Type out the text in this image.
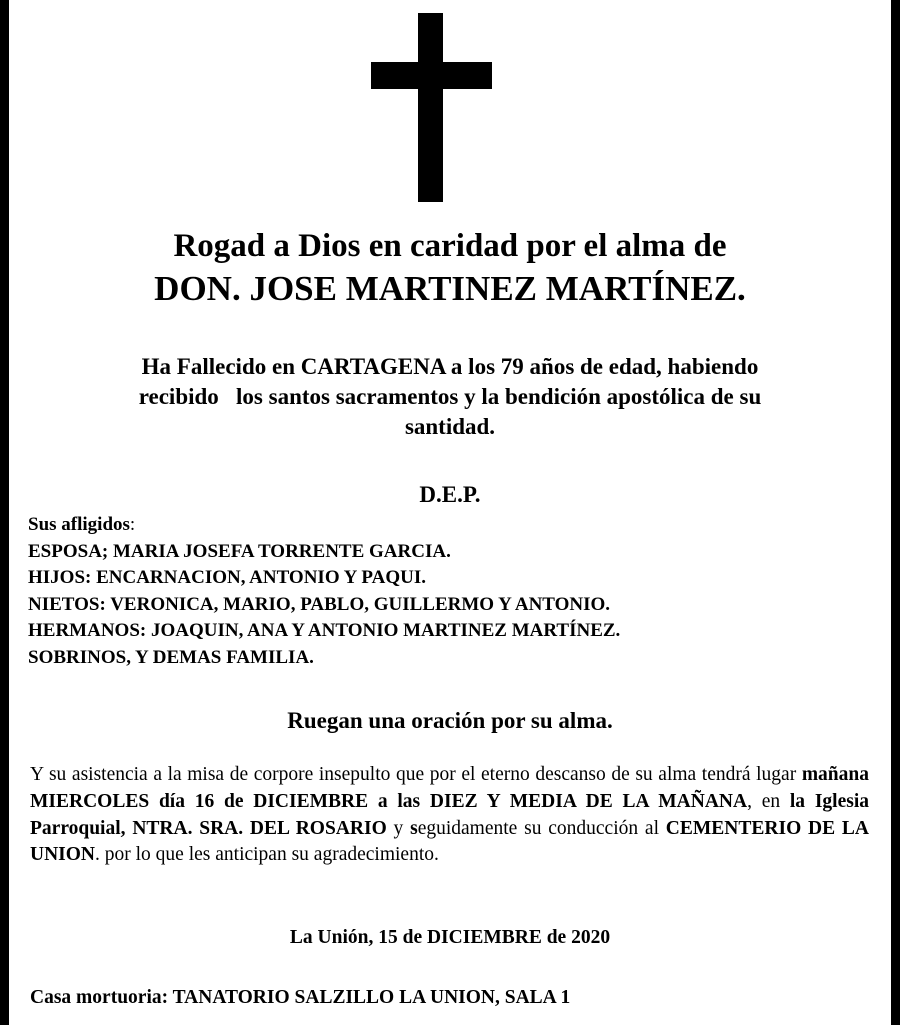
Rogad a Dios en caridad por el alma de

DON. JOSE MARTINEZ MARTÍNEZ.

Ha Fallecido en CARTAGENA a los 79 años de edad, habiendo
recibido   los santos sacramentos y la bendición apostólica de su
santidad.

D.E.P.

Sus afligidos:
ESPOSA; MARIA JOSEFA TORRENTE GARCIA.
HIJOS: ENCARNACION, ANTONIO Y PAQUI.
NIETOS: VERONICA, MARIO, PABLO, GUILLERMO Y ANTONIO.
HERMANOS: JOAQUIN, ANA Y ANTONIO MARTINEZ MARTÍNEZ.
SOBRINOS, Y DEMAS FAMILIA.

Ruegan una oración por su alma.

Y su asistencia a la misa de corpore insepulto que por el eterno descanso de su alma tendrá lugar mañana MIERCOLES día 16 de DICIEMBRE a las DIEZ Y MEDIA DE LA MAÑANA, en la Iglesia Parroquial, NTRA. SRA. DEL ROSARIO y seguidamente su conducción al CEMENTERIO DE LA UNION. por lo que les anticipan su agradecimiento.

La Unión, 15 de DICIEMBRE de 2020

Casa mortuoria: TANATORIO SALZILLO LA UNION, SALA 1
